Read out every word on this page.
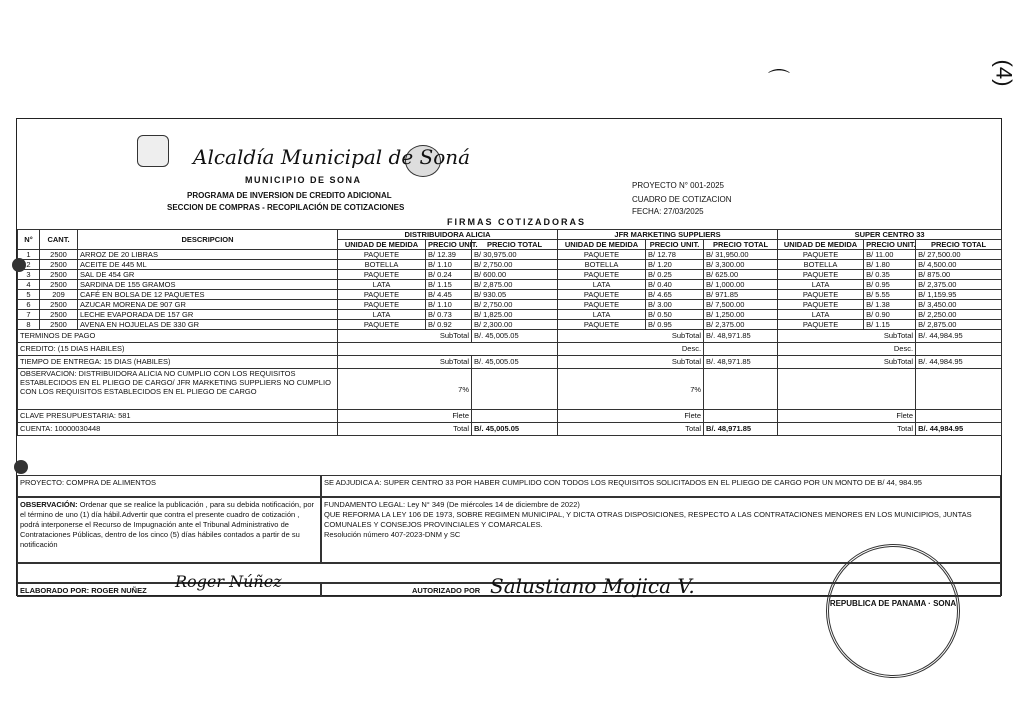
⌒	(4)
Alcaldía Municipal de Soná
MUNICIPIO DE SONA
PROGRAMA DE INVERSION DE CREDITO ADICIONAL
SECCION DE COMPRAS - RECOPILACIÓN DE COTIZACIONES
PROYECTO N° 001-2025
CUADRO DE COTIZACION
FECHA: 27/03/2025
FIRMAS COTIZADORAS
N°	CANT.	DESCRIPCION	DISTRIBUIDORA ALICIA			JFR MARKETING SUPPLIERS			SUPER CENTRO 33		
			UNIDAD DE MEDIDA	PRECIO UNIT.	PRECIO TOTAL	UNIDAD DE MEDIDA	PRECIO UNIT.	PRECIO TOTAL	UNIDAD DE MEDIDA	PRECIO UNIT.	PRECIO TOTAL
1	2500	ARROZ DE 20 LIBRAS	PAQUETE	B/ 12.39	B/ 30,975.00	PAQUETE	B/ 12.78	B/ 31,950.00	PAQUETE	B/ 11.00	B/ 27,500.00
2	2500	ACEITE DE 445 ML	BOTELLA	B/ 1.10	B/ 2,750.00	BOTELLA	B/ 1.20	B/ 3,300.00	BOTELLA	B/ 1.80	B/ 4,500.00
3	2500	SAL DE 454 GR	PAQUETE	B/ 0.24	B/ 600.00	PAQUETE	B/ 0.25	B/ 625.00	PAQUETE	B/ 0.35	B/ 875.00
4	2500	SARDINA DE 155 GRAMOS	LATA	B/ 1.15	B/ 2,875.00	LATA	B/ 0.40	B/ 1,000.00	LATA	B/ 0.95	B/ 2,375.00
5	209	CAFÉ EN BOLSA DE 12 PAQUETES	PAQUETE	B/ 4.45	B/ 930.05	PAQUETE	B/ 4.65	B/ 971.85	PAQUETE	B/ 5.55	B/ 1,159.95
6	2500	AZUCAR MORENA DE 907 GR	PAQUETE	B/ 1.10	B/ 2,750.00	PAQUETE	B/ 3.00	B/ 7,500.00	PAQUETE	B/ 1.38	B/ 3,450.00
7	2500	LECHE EVAPORADA DE 157 GR	LATA	B/ 0.73	B/ 1,825.00	LATA	B/ 0.50	B/ 1,250.00	LATA	B/ 0.90	B/ 2,250.00
8	2500	AVENA EN HOJUELAS DE 330 GR	PAQUETE	B/ 0.92	B/ 2,300.00	PAQUETE	B/ 0.95	B/ 2,375.00	PAQUETE	B/ 1.15	B/ 2,875.00
TERMINOS DE PAGO			SubTotal		B/. 45,005.05	SubTotal		B/. 48,971.85	SubTotal		B/. 44,984.95
CREDITO: (15 DIAS HABILES)						Desc.			Desc.		
TIEMPO DE ENTREGA: 15 DIAS (HABILES)			SubTotal		B/. 45,005.05	SubTotal		B/. 48,971.85	SubTotal		B/. 44,984.95
OBSERVACION: DISTRIBUIDORA ALICIA NO CUMPLIO CON LOS REQUISITOS ESTABLECIDOS EN EL PLIEGO DE CARGO/ JFR MARKETING SUPPLIERS NO CUMPLIO CON LOS REQUISITOS ESTABLECIDOS EN EL PLIEGO DE CARGO			7%			7%					
CLAVE PRESUPUESTARIA: 581			Flete			Flete			Flete		
CUENTA: 10000030448			Total		B/. 45,005.05	Total		B/. 48,971.85	Total		B/. 44,984.95
PROYECTO: COMPRA DE ALIMENTOS	SE ADJUDICA A: SUPER CENTRO 33 POR HABER CUMPLIDO CON TODOS LOS REQUISITOS SOLICITADOS EN EL PLIEGO DE CARGO POR UN MONTO DE B/ 44, 984.95
OBSERVACIÓN: Ordenar que se realice la publicación , para su debida notificación, por el término de uno (1) día hábil.Advertir que contra el presente cuadro de cotización , podrá interponerse el Recurso de Impugnación ante el Tribunal Administrativo de Contrataciones Públicas, dentro de los cinco (5) días hábiles contados a partir de su notificación
FUNDAMENTO LEGAL: Ley N° 349 (De miércoles 14 de diciembre de 2022)
QUE REFORMA LA LEY 106 DE 1973, SOBRE REGIMEN MUNICIPAL, Y DICTA OTRAS DISPOSICIONES, RESPECTO A LAS CONTRATACIONES MENORES EN LOS MUNICIPIOS, JUNTAS COMUNALES Y CONSEJOS PROVINCIALES Y COMARCALES.
Resolución número 407-2023-DNM y SC
ELABORADO POR: ROGER NUÑEZ	AUTORIZADO POR
Roger Núñez	Salustiano Mojica V.
REPUBLICA DE PANAMA · SONA
